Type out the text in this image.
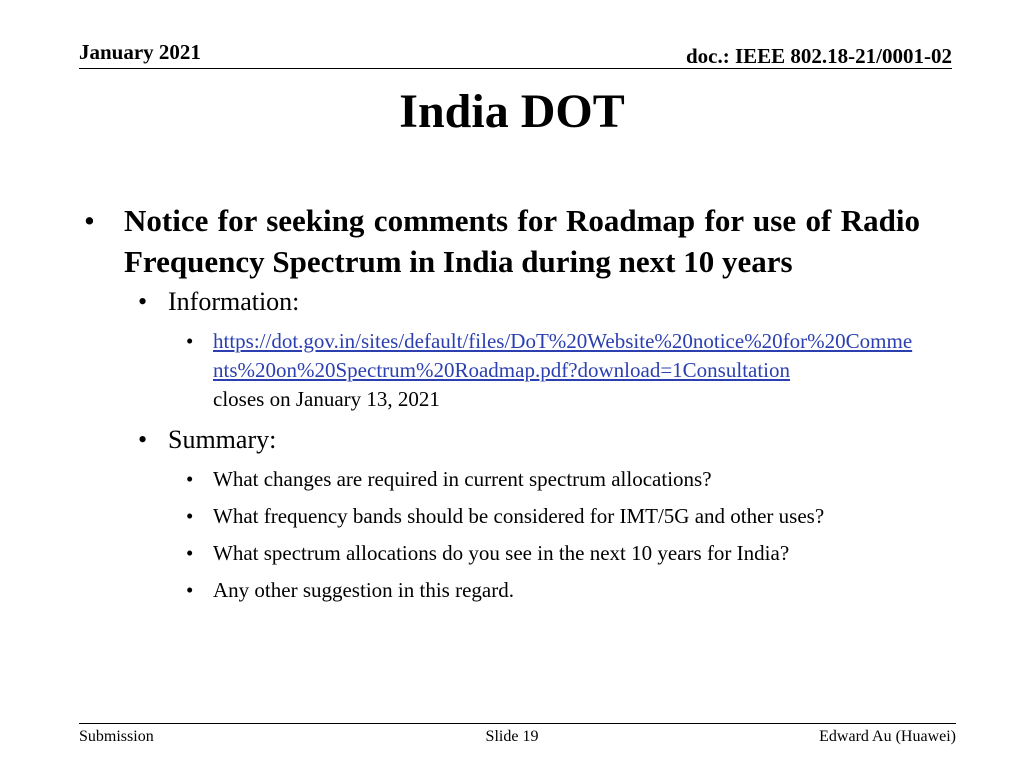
January 2021	doc.: IEEE 802.18-21/0001-02
India DOT
• Notice for seeking comments for Roadmap for use of Radio Frequency Spectrum in India during next 10 years
• Information:
• https://dot.gov.in/sites/default/files/DoT%20Website%20notice%20for%20Comments%20on%20Spectrum%20Roadmap.pdf?download=1Consultation
closes on January 13, 2021
• Summary:
• What changes are required in current spectrum allocations?
• What frequency bands should be considered for IMT/5G and other uses?
• What spectrum allocations do you see in the next 10 years for India?
• Any other suggestion in this regard.
Submission	Slide 19	Edward Au (Huawei)
